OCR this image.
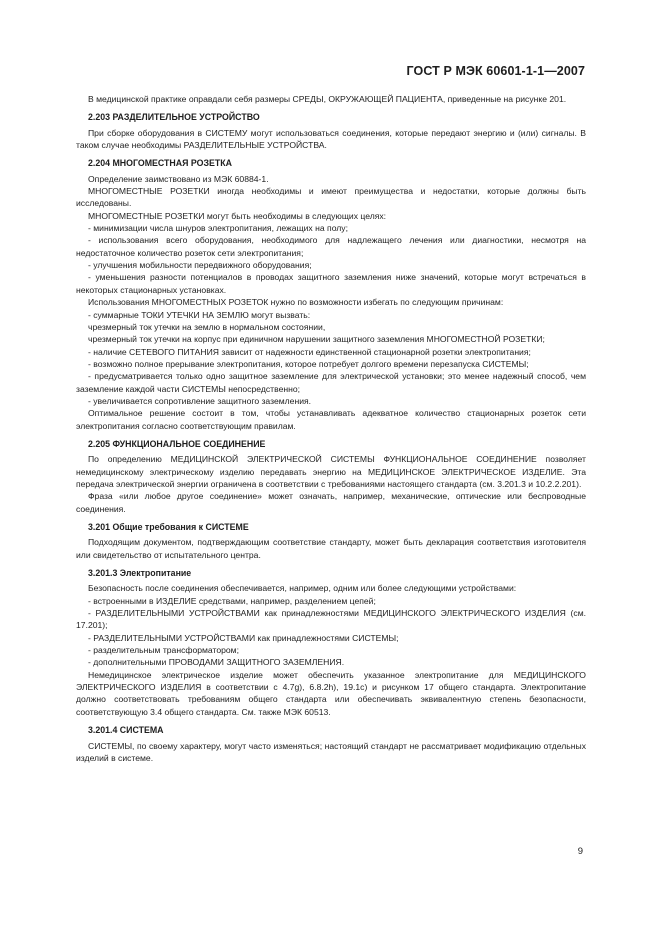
ГОСТ Р МЭК 60601-1-1—2007

В медицинской практике оправдали себя размеры СРЕДЫ, ОКРУЖАЮЩЕЙ ПАЦИЕНТА, приведенные на рисунке 201.

2.203 РАЗДЕЛИТЕЛЬНОЕ УСТРОЙСТВО

При сборке оборудования в СИСТЕМУ могут использоваться соединения, которые передают энергию и (или) сигналы. В таком случае необходимы РАЗДЕЛИТЕЛЬНЫЕ УСТРОЙСТВА.

2.204 МНОГОМЕСТНАЯ РОЗЕТКА

Определение заимствовано из МЭК 60884-1.

МНОГОМЕСТНЫЕ РОЗЕТКИ иногда необходимы и имеют преимущества и недостатки, которые должны быть исследованы.

МНОГОМЕСТНЫЕ РОЗЕТКИ могут быть необходимы в следующих целях:

- минимизации числа шнуров электропитания, лежащих на полу;

- использования всего оборудования, необходимого для надлежащего лечения или диагностики, несмотря на недостаточное количество розеток сети электропитания;

- улучшения мобильности передвижного оборудования;

- уменьшения разности потенциалов в проводах защитного заземления ниже значений, которые могут встречаться в некоторых стационарных установках.

Использования МНОГОМЕСТНЫХ РОЗЕТОК нужно по возможности избегать по следующим причинам:

- суммарные ТОКИ УТЕЧКИ НА ЗЕМЛЮ могут вызвать:

чрезмерный ток утечки на землю в нормальном состоянии,

чрезмерный ток утечки на корпус при единичном нарушении защитного заземления МНОГОМЕСТНОЙ РОЗЕТКИ;

- наличие СЕТЕВОГО ПИТАНИЯ зависит от надежности единственной стационарной розетки электропитания;

- возможно полное прерывание электропитания, которое потребует долгого времени перезапуска СИСТЕМЫ;

- предусматривается только одно защитное заземление для электрической установки; это менее надежный способ, чем заземление каждой части СИСТЕМЫ непосредственно;

- увеличивается сопротивление защитного заземления.

Оптимальное решение состоит в том, чтобы устанавливать адекватное количество стационарных розеток сети электропитания согласно соответствующим правилам.

2.205 ФУНКЦИОНАЛЬНОЕ СОЕДИНЕНИЕ

По определению МЕДИЦИНСКОЙ ЭЛЕКТРИЧЕСКОЙ СИСТЕМЫ ФУНКЦИОНАЛЬНОЕ СОЕДИНЕНИЕ позволяет немедицинскому электрическому изделию передавать энергию на МЕДИЦИНСКОЕ ЭЛЕКТРИЧЕСКОЕ ИЗДЕЛИЕ. Эта передача электрической энергии ограничена в соответствии с требованиями настоящего стандарта (см. 3.201.3 и 10.2.2.201).

Фраза «или любое другое соединение» может означать, например, механические, оптические или беспроводные соединения.

3.201 Общие требования к СИСТЕМЕ

Подходящим документом, подтверждающим соответствие стандарту, может быть декларация соответствия изготовителя или свидетельство от испытательного центра.

3.201.3 Электропитание

Безопасность после соединения обеспечивается, например, одним или более следующими устройствами:

- встроенными в ИЗДЕЛИЕ средствами, например, разделением цепей;

- РАЗДЕЛИТЕЛЬНЫМИ УСТРОЙСТВАМИ как принадлежностями МЕДИЦИНСКОГО ЭЛЕКТРИЧЕСКОГО ИЗДЕЛИЯ (см. 17.201);

- РАЗДЕЛИТЕЛЬНЫМИ УСТРОЙСТВАМИ как принадлежностями СИСТЕМЫ;

- разделительным трансформатором;

- дополнительными ПРОВОДАМИ ЗАЩИТНОГО ЗАЗЕМЛЕНИЯ.

Немедицинское электрическое изделие может обеспечить указанное электропитание для МЕДИЦИНСКОГО ЭЛЕКТРИЧЕСКОГО ИЗДЕЛИЯ в соответствии с 4.7g), 6.8.2h), 19.1c) и рисунком 17 общего стандарта. Электропитание должно соответствовать требованиям общего стандарта или обеспечивать эквивалентную степень безопасности, соответствующую 3.4 общего стандарта. См. также МЭК 60513.

3.201.4 СИСТЕМА

СИСТЕМЫ, по своему характеру, могут часто изменяться; настоящий стандарт не рассматривает модификацию отдельных изделий в системе.

9
